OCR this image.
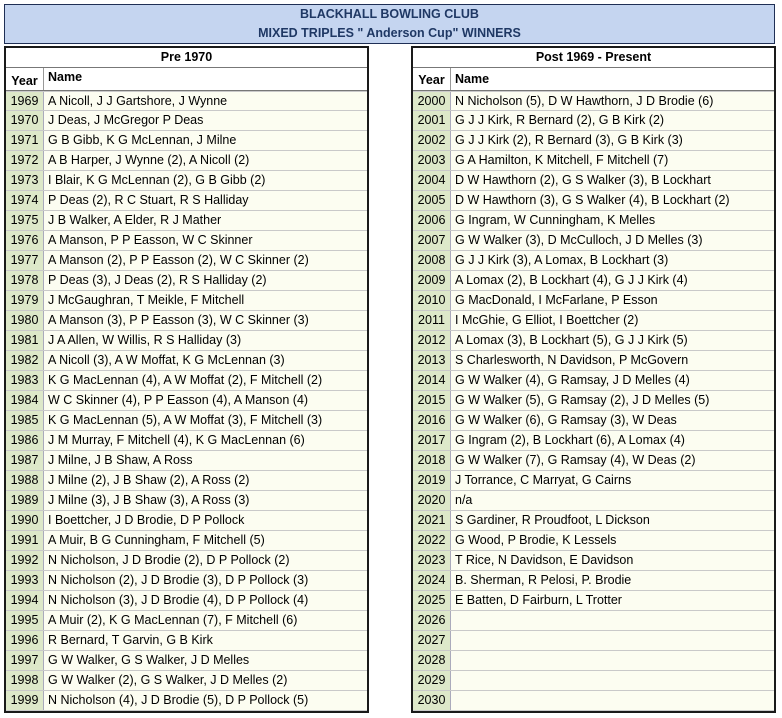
BLACKHALL BOWLING CLUB
MIXED TRIPLES " Anderson Cup" WINNERS
Pre 1970
Year Name
1969 A Nicoll, J J Gartshore, J Wynne
1970 J Deas, J McGregor P Deas
1971 G B Gibb, K G McLennan, J Milne
1972 A B Harper, J Wynne (2), A Nicoll (2)
1973 I Blair, K G McLennan (2), G B Gibb (2)
1974 P Deas (2), R C Stuart, R S Halliday
1975 J B Walker, A Elder, R J Mather
1976 A Manson, P P Easson, W C Skinner
1977 A Manson (2), P P Easson (2), W C Skinner (2)
1978 P Deas (3), J Deas (2), R S Halliday (2)
1979 J McGaughran, T Meikle, F Mitchell
1980 A Manson (3), P P Easson (3), W C Skinner (3)
1981 J A Allen, W Willis, R S Halliday (3)
1982 A Nicoll (3), A W Moffat, K G McLennan (3)
1983 K G MacLennan (4), A W Moffat (2), F Mitchell (2)
1984 W C Skinner (4), P P Easson (4), A Manson (4)
1985 K G MacLennan (5), A W Moffat (3), F Mitchell (3)
1986 J M Murray, F Mitchell (4), K G MacLennan (6)
1987 J Milne, J B Shaw, A Ross
1988 J Milne (2), J B Shaw (2), A Ross (2)
1989 J Milne (3), J B Shaw (3), A Ross (3)
1990 I Boettcher, J D Brodie, D P Pollock
1991 A Muir, B G Cunningham, F Mitchell (5)
1992 N Nicholson, J D Brodie (2), D P Pollock (2)
1993 N Nicholson (2), J D Brodie (3), D P Pollock (3)
1994 N Nicholson (3), J D Brodie (4), D P Pollock (4)
1995 A Muir (2), K G MacLennan (7), F Mitchell (6)
1996 R Bernard, T Garvin, G B Kirk
1997 G W Walker, G S Walker, J D Melles
1998 G W Walker (2), G S Walker, J D Melles (2)
1999 N Nicholson (4), J D Brodie (5), D P Pollock (5)
Post 1969 - Present
Year Name
2000 N Nicholson (5), D W Hawthorn, J D Brodie (6)
2001 G J J Kirk, R Bernard (2), G B Kirk (2)
2002 G J J Kirk (2), R Bernard (3), G B Kirk (3)
2003 G A Hamilton, K Mitchell, F Mitchell (7)
2004 D W Hawthorn (2), G S Walker (3), B Lockhart
2005 D W Hawthorn (3), G S Walker (4), B Lockhart (2)
2006 G Ingram, W Cunningham, K Melles
2007 G W Walker (3), D McCulloch, J D Melles (3)
2008 G J J Kirk (3), A Lomax, B Lockhart (3)
2009 A Lomax (2), B Lockhart (4), G J J Kirk (4)
2010 G MacDonald, I McFarlane, P Esson
2011 I McGhie, G Elliot, I Boettcher (2)
2012 A Lomax (3), B Lockhart (5), G J J Kirk (5)
2013 S Charlesworth, N Davidson, P McGovern
2014 G W Walker (4), G Ramsay, J D Melles (4)
2015 G W Walker (5), G Ramsay (2), J D Melles (5)
2016 G W Walker (6), G Ramsay (3), W Deas
2017 G Ingram (2), B Lockhart (6), A Lomax (4)
2018 G W Walker (7), G Ramsay (4), W Deas (2)
2019 J Torrance, C Marryat, G Cairns
2020 n/a
2021 S Gardiner, R Proudfoot, L Dickson
2022 G Wood, P Brodie, K Lessels
2023 T Rice, N Davidson, E Davidson
2024 B. Sherman, R Pelosi, P. Brodie
2025 E Batten, D Fairburn, L Trotter
2026
2027
2028
2029
2030
